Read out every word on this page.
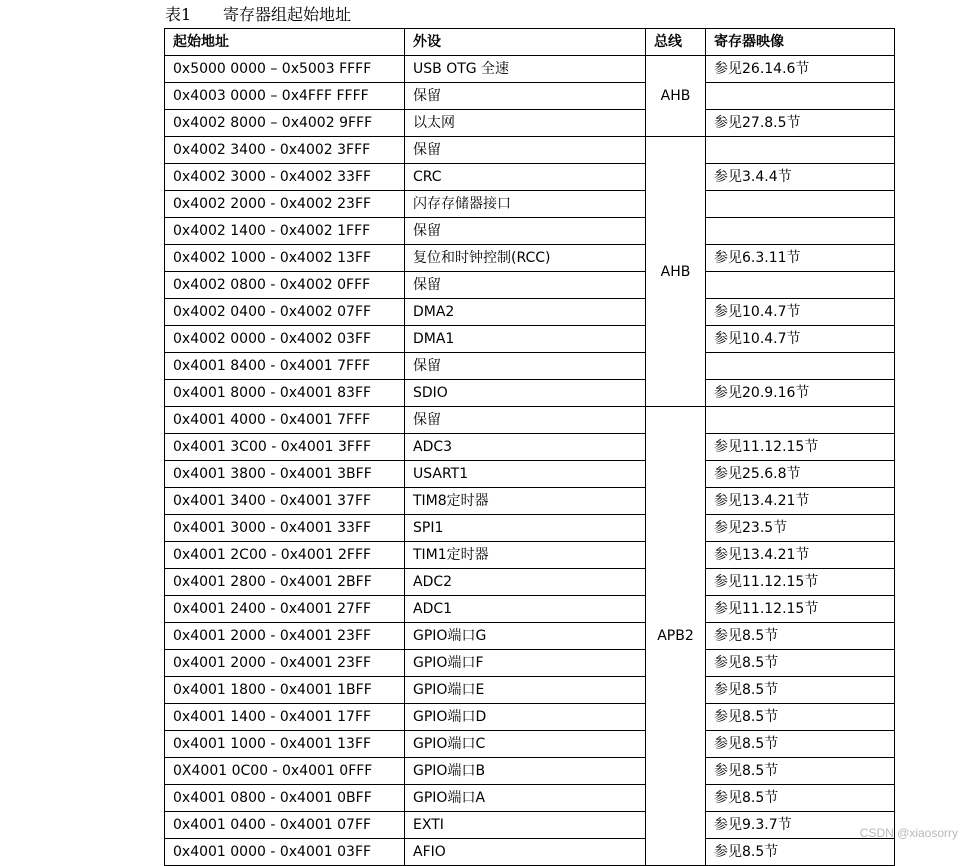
表1 寄存器组起始地址
起始地址	外设	总线	寄存器映像
0x5000 0000 – 0x5003 FFFF	USB OTG 全速	AHB	参见26.14.6节
0x4003 0000 – 0x4FFF FFFF	保留		
0x4002 8000 – 0x4002 9FFF	以太网		参见27.8.5节
0x4002 3400 - 0x4002 3FFF	保留	AHB	
0x4002 3000 - 0x4002 33FF	CRC		参见3.4.4节
0x4002 2000 - 0x4002 23FF	闪存存储器接口		
0x4002 1400 - 0x4002 1FFF	保留		
0x4002 1000 - 0x4002 13FF	复位和时钟控制(RCC)		参见6.3.11节
0x4002 0800 - 0x4002 0FFF	保留		
0x4002 0400 - 0x4002 07FF	DMA2		参见10.4.7节
0x4002 0000 - 0x4002 03FF	DMA1		参见10.4.7节
0x4001 8400 - 0x4001 7FFF	保留		
0x4001 8000 - 0x4001 83FF	SDIO		参见20.9.16节
0x4001 4000 - 0x4001 7FFF	保留	APB2	
0x4001 3C00 - 0x4001 3FFF	ADC3		参见11.12.15节
0x4001 3800 - 0x4001 3BFF	USART1		参见25.6.8节
0x4001 3400 - 0x4001 37FF	TIM8定时器		参见13.4.21节
0x4001 3000 - 0x4001 33FF	SPI1		参见23.5节
0x4001 2C00 - 0x4001 2FFF	TIM1定时器		参见13.4.21节
0x4001 2800 - 0x4001 2BFF	ADC2		参见11.12.15节
0x4001 2400 - 0x4001 27FF	ADC1		参见11.12.15节
0x4001 2000 - 0x4001 23FF	GPIO端口G		参见8.5节
0x4001 2000 - 0x4001 23FF	GPIO端口F		参见8.5节
0x4001 1800 - 0x4001 1BFF	GPIO端口E		参见8.5节
0x4001 1400 - 0x4001 17FF	GPIO端口D		参见8.5节
0x4001 1000 - 0x4001 13FF	GPIO端口C		参见8.5节
0X4001 0C00 - 0x4001 0FFF	GPIO端口B		参见8.5节
0x4001 0800 - 0x4001 0BFF	GPIO端口A		参见8.5节
0x4001 0400 - 0x4001 07FF	EXTI		参见9.3.7节
0x4001 0000 - 0x4001 03FF	AFIO		参见8.5节
CSDN @xiaosorry
